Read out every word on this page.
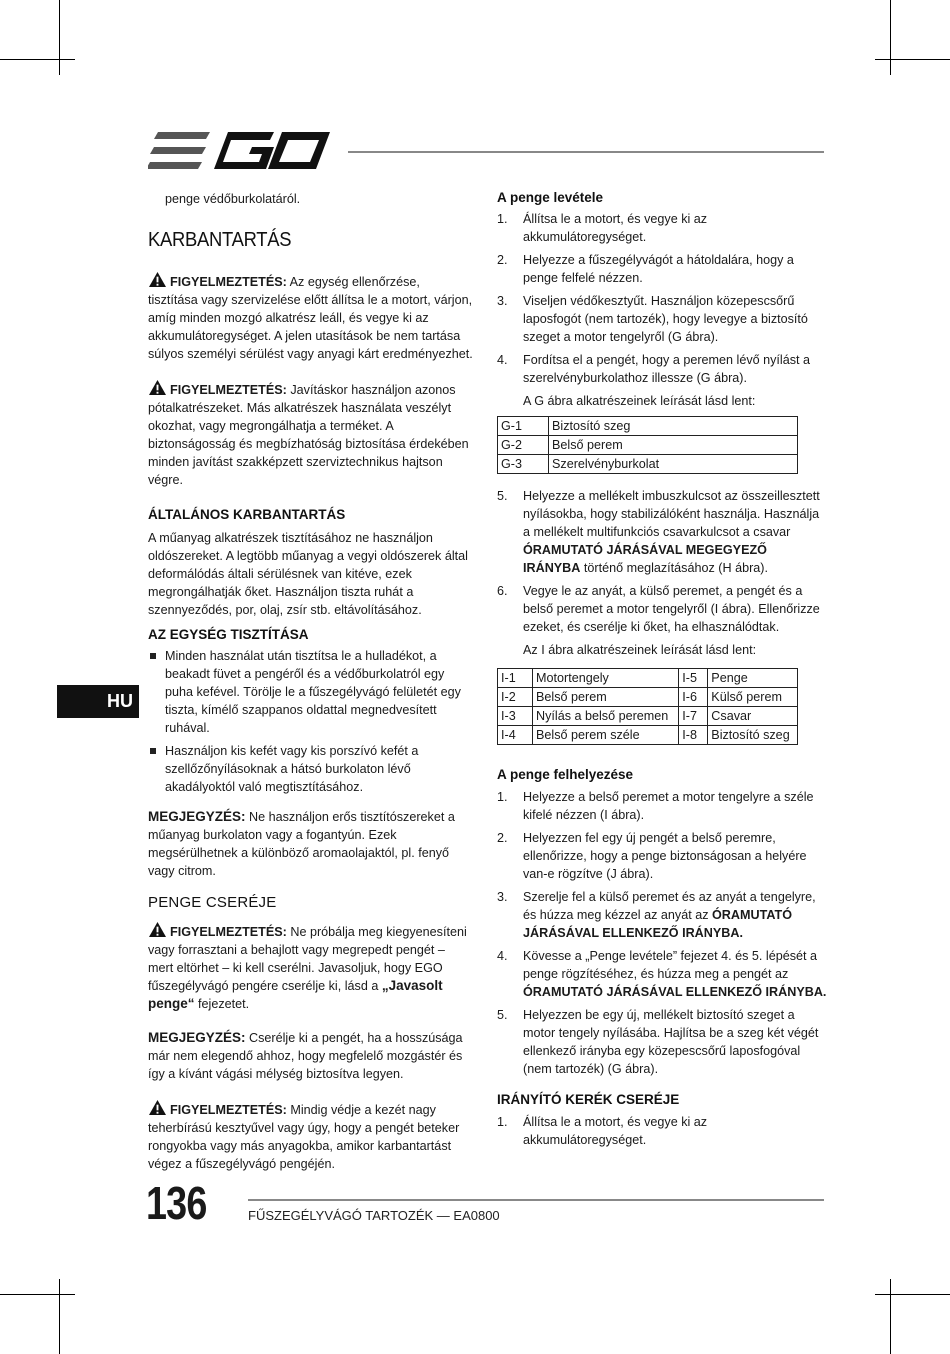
penge védőburkolatáról.

KARBANTARTÁS

FIGYELMEZTETÉS: Az egység ellenőrzése, tisztítása vagy szervizelése előtt állítsa le a motort, várjon, amíg minden mozgó alkatrész leáll, és vegye ki az akkumulátoregységet. A jelen utasítások be nem tartása súlyos személyi sérülést vagy anyagi kárt eredményezhet.

FIGYELMEZTETÉS: Javításkor használjon azonos pótalkatrészeket. Más alkatrészek használata veszélyt okozhat, vagy megrongálhatja a terméket. A biztonságosság és megbízhatóság biztosítása érdekében minden javítást szakképzett szerviztechnikus hajtson végre.

ÁLTALÁNOS KARBANTARTÁS

A műanyag alkatrészek tisztításához ne használjon oldószereket. A legtöbb műanyag a vegyi oldószerek által deformálódás általi sérülésnek van kitéve, ezek megrongálhatják őket. Használjon tiszta ruhát a szennyeződés, por, olaj, zsír stb. eltávolításához.

AZ EGYSÉG TISZTÍTÁSA

Minden használat után tisztítsa le a hulladékot, a beakadt füvet a pengéről és a védőburkolatról egy puha kefével. Törölje le a fűszegélyvágó felületét egy tiszta, kímélő szappanos oldattal megnedvesített ruhával.

Használjon kis kefét vagy kis porszívó kefét a szellőzőnyílásoknak a hátsó burkolaton lévő akadályoktól való megtisztításához.

MEGJEGYZÉS: Ne használjon erős tisztítószereket a műanyag burkolaton vagy a fogantyún. Ezek megsérülhetnek a különböző aromaolajaktól, pl. fenyő vagy citrom.

PENGE CSERÉJE

FIGYELMEZTETÉS: Ne próbálja meg kiegyenesíteni vagy forrasztani a behajlott vagy megrepedt pengét – mert eltörhet – ki kell cserélni. Javasoljuk, hogy EGO fűszegélyvágó pengére cserélje ki, lásd a „Javasolt penge“ fejezetet.

MEGJEGYZÉS: Cserélje ki a pengét, ha a hosszúsága már nem elegendő ahhoz, hogy megfelelő mozgástér és így a kívánt vágási mélység biztosítva legyen.

FIGYELMEZTETÉS: Mindig védje a kezét nagy teherbírású kesztyűvel vagy úgy, hogy a pengét beteker rongyokba vagy más anyagokba, amikor karbantartást végez a fűszegélyvágó pengéjén.

HU
A penge levétele

1. Állítsa le a motort, és vegye ki az akkumulátoregységet.

2. Helyezze a fűszegélyvágót a hátoldalára, hogy a penge felfelé nézzen.

3. Viseljen védőkesztyűt. Használjon közepescsőrű laposfogót (nem tartozék), hogy levegye a biztosító szeget a motor tengelyről (G ábra).

4. Fordítsa el a pengét, hogy a peremen lévő nyílást a szerelvényburkolathoz illessze (G ábra).

A G ábra alkatrészeinek leírását lásd lent:

G-1	Biztosító szeg
G-2	Belső perem
G-3	Szerelvényburkolat

5. Helyezze a mellékelt imbuszkulcsot az összeillesztett nyílásokba, hogy stabilizálóként használja. Használja a mellékelt multifunkciós csavarkulcsot a csavar ÓRAMUTATÓ JÁRÁSÁVAL MEGEGYEZŐ IRÁNYBA történő meglazításához (H ábra).

6. Vegye le az anyát, a külső peremet, a pengét és a belső peremet a motor tengelyről (I ábra). Ellenőrizze ezeket, és cserélje ki őket, ha elhasználódtak.

Az I ábra alkatrészeinek leírását lásd lent:

I-1	Motortengely	I-5	Penge
I-2	Belső perem	I-6	Külső perem
I-3	Nyílás a belső peremen	I-7	Csavar
I-4	Belső perem széle	I-8	Biztosító szeg
A penge felhelyezése

1. Helyezze a belső peremet a motor tengelyre a széle kifelé nézzen (I ábra).

2. Helyezzen fel egy új pengét a belső peremre, ellenőrizze, hogy a penge biztonságosan a helyére van-e rögzítve (J ábra).

3. Szerelje fel a külső peremet és az anyát a tengelyre, és húzza meg kézzel az anyát az ÓRAMUTATÓ JÁRÁSÁVAL ELLENKEZŐ IRÁNYBA.

4. Kövesse a „Penge levétele” fejezet 4. és 5. lépését a penge rögzítéséhez, és húzza meg a pengét az ÓRAMUTATÓ JÁRÁSÁVAL ELLENKEZŐ IRÁNYBA.

5. Helyezzen be egy új, mellékelt biztosító szeget a motor tengely nyílásába. Hajlítsa be a szeg két végét ellenkező irányba egy közepescsőrű laposfogóval (nem tartozék) (G ábra).

IRÁNYÍTÓ KERÉK CSERÉJE

1. Állítsa le a motort, és vegye ki az akkumulátoregységet.

136	FŰSZEGÉLYVÁGÓ TARTOZÉK — EA0800
